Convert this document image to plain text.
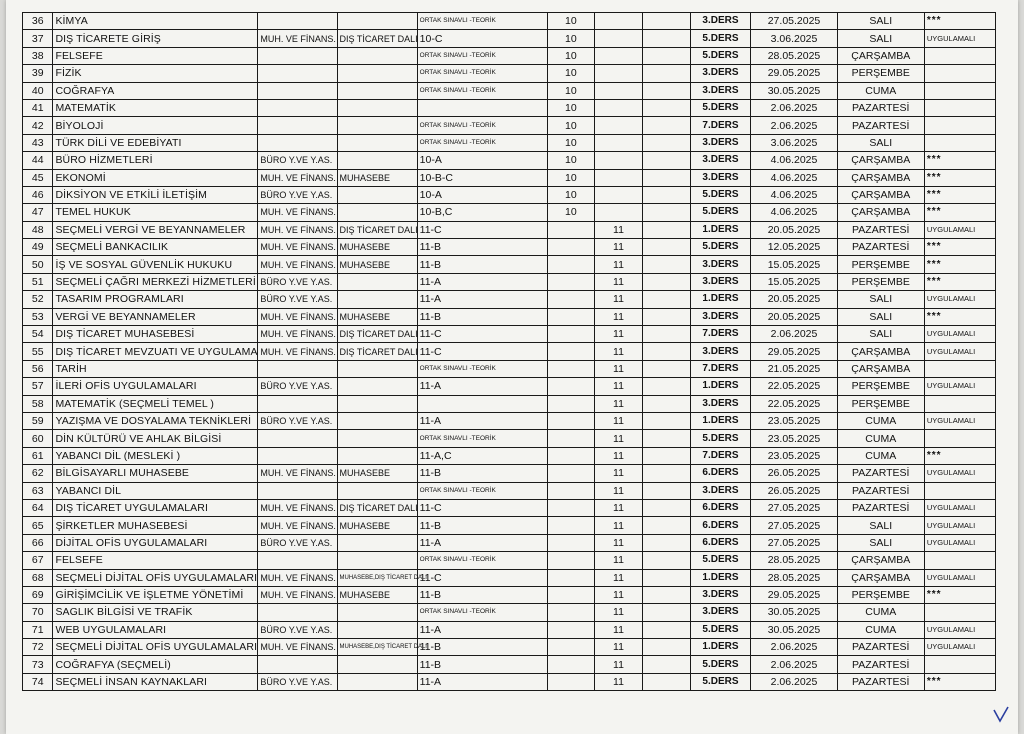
36	KİMYA			ORTAK SINAVLI -TEORİK	10			3.DERS	27.05.2025	SALI	***
37	DIŞ TİCARETE GİRİŞ	MUH. VE FİNANS.	DIŞ TİCARET DALI	10-C	10			5.DERS	3.06.2025	SALI	UYGULAMALI
38	FELSEFE			ORTAK SINAVLI -TEORİK	10			5.DERS	28.05.2025	ÇARŞAMBA	
39	FİZİK			ORTAK SINAVLI -TEORİK	10			3.DERS	29.05.2025	PERŞEMBE	
40	COĞRAFYA			ORTAK SINAVLI -TEORİK	10			3.DERS	30.05.2025	CUMA	
41	MATEMATİK				10			5.DERS	2.06.2025	PAZARTESİ	
42	BİYOLOJİ			ORTAK SINAVLI -TEORİK	10			7.DERS	2.06.2025	PAZARTESİ	
43	TÜRK DİLİ VE EDEBİYATI			ORTAK SINAVLI -TEORİK	10			3.DERS	3.06.2025	SALI	
44	BÜRO HİZMETLERİ	BÜRO Y.VE Y.AS.		10-A	10			3.DERS	4.06.2025	ÇARŞAMBA	***
45	EKONOMİ	MUH. VE FİNANS.	MUHASEBE	10-B-C	10			3.DERS	4.06.2025	ÇARŞAMBA	***
46	DİKSİYON VE ETKİLİ İLETİŞİM	BÜRO Y.VE Y.AS.		10-A	10			5.DERS	4.06.2025	ÇARŞAMBA	***
47	TEMEL HUKUK	MUH. VE FİNANS.		10-B,C	10			5.DERS	4.06.2025	ÇARŞAMBA	***
48	SEÇMELİ VERGİ VE BEYANNAMELER	MUH. VE FİNANS.	DIŞ TİCARET DALI	11-C		11		1.DERS	20.05.2025	PAZARTESİ	UYGULAMALI
49	SEÇMELİ BANKACILIK	MUH. VE FİNANS.	MUHASEBE	11-B		11		5.DERS	12.05.2025	PAZARTESİ	***
50	İŞ VE SOSYAL GÜVENLİK HUKUKU	MUH. VE FİNANS.	MUHASEBE	11-B		11		3.DERS	15.05.2025	PERŞEMBE	***
51	SEÇMELİ ÇAĞRI MERKEZİ HİZMETLERİ	BÜRO Y.VE Y.AS.		11-A		11		3.DERS	15.05.2025	PERŞEMBE	***
52	TASARIM PROGRAMLARI	BÜRO Y.VE Y.AS.		11-A		11		1.DERS	20.05.2025	SALI	UYGULAMALI
53	VERGİ VE BEYANNAMELER	MUH. VE FİNANS.	MUHASEBE	11-B		11		3.DERS	20.05.2025	SALI	***
54	DIŞ TİCARET MUHASEBESİ	MUH. VE FİNANS.	DIŞ TİCARET DALI	11-C		11		7.DERS	2.06.2025	SALI	UYGULAMALI
55	DIŞ TİCARET MEVZUATI VE UYGULAMA	MUH. VE FİNANS.	DIŞ TİCARET DALI	11-C		11		3.DERS	29.05.2025	ÇARŞAMBA	UYGULAMALI
56	TARİH			ORTAK SINAVLI -TEORİK		11		7.DERS	21.05.2025	ÇARŞAMBA	
57	İLERİ OFİS UYGULAMALARI	BÜRO Y.VE Y.AS.		11-A		11		1.DERS	22.05.2025	PERŞEMBE	UYGULAMALI
58	MATEMATİK (SEÇMELİ TEMEL )					11		3.DERS	22.05.2025	PERŞEMBE	
59	YAZIŞMA VE DOSYALAMA TEKNİKLERİ	BÜRO Y.VE Y.AS.		11-A		11		1.DERS	23.05.2025	CUMA	UYGULAMALI
60	DİN KÜLTÜRÜ VE AHLAK BİLGİSİ			ORTAK SINAVLI -TEORİK		11		5.DERS	23.05.2025	CUMA	
61	YABANCI DİL (MESLEKİ )			11-A,C		11		7.DERS	23.05.2025	CUMA	***
62	BİLGİSAYARLI MUHASEBE	MUH. VE FİNANS.	MUHASEBE	11-B		11		6.DERS	26.05.2025	PAZARTESİ	UYGULAMALI
63	YABANCI DİL			ORTAK SINAVLI -TEORİK		11		3.DERS	26.05.2025	PAZARTESİ	
64	DIŞ TİCARET UYGULAMALARI	MUH. VE FİNANS.	DIŞ TİCARET DALI	11-C		11		6.DERS	27.05.2025	PAZARTESİ	UYGULAMALI
65	ŞİRKETLER MUHASEBESİ	MUH. VE FİNANS.	MUHASEBE	11-B		11		6.DERS	27.05.2025	SALI	UYGULAMALI
66	DİJİTAL OFİS UYGULAMALARI	BÜRO Y.VE Y.AS.		11-A		11		6.DERS	27.05.2025	SALI	UYGULAMALI
67	FELSEFE			ORTAK SINAVLI -TEORİK		11		5.DERS	28.05.2025	ÇARŞAMBA	
68	SEÇMELİ DİJİTAL OFİS UYGULAMALARI	MUH. VE FİNANS.	MUHASEBE,DIŞ TİCARET DALI	11-C		11		1.DERS	28.05.2025	ÇARŞAMBA	UYGULAMALI
69	GİRİŞİMCİLİK VE İŞLETME YÖNETİMİ	MUH. VE FİNANS.	MUHASEBE	11-B		11		3.DERS	29.05.2025	PERŞEMBE	***
70	SAGLIK BİLGİSİ VE TRAFİK			ORTAK SINAVLI -TEORİK		11		3.DERS	30.05.2025	CUMA	
71	WEB UYGULAMALARI	BÜRO Y.VE Y.AS.		11-A		11		5.DERS	30.05.2025	CUMA	UYGULAMALI
72	SEÇMELİ DİJİTAL OFİS UYGULAMALARI	MUH. VE FİNANS.	MUHASEBE,DIŞ TİCARET DALI	11-B		11		1.DERS	2.06.2025	PAZARTESİ	UYGULAMALI
73	COĞRAFYA (SEÇMELİ)			11-B		11		5.DERS	2.06.2025	PAZARTESİ	
74	SEÇMELİ İNSAN KAYNAKLARI	BÜRO Y.VE Y.AS.		11-A		11		5.DERS	2.06.2025	PAZARTESİ	***
